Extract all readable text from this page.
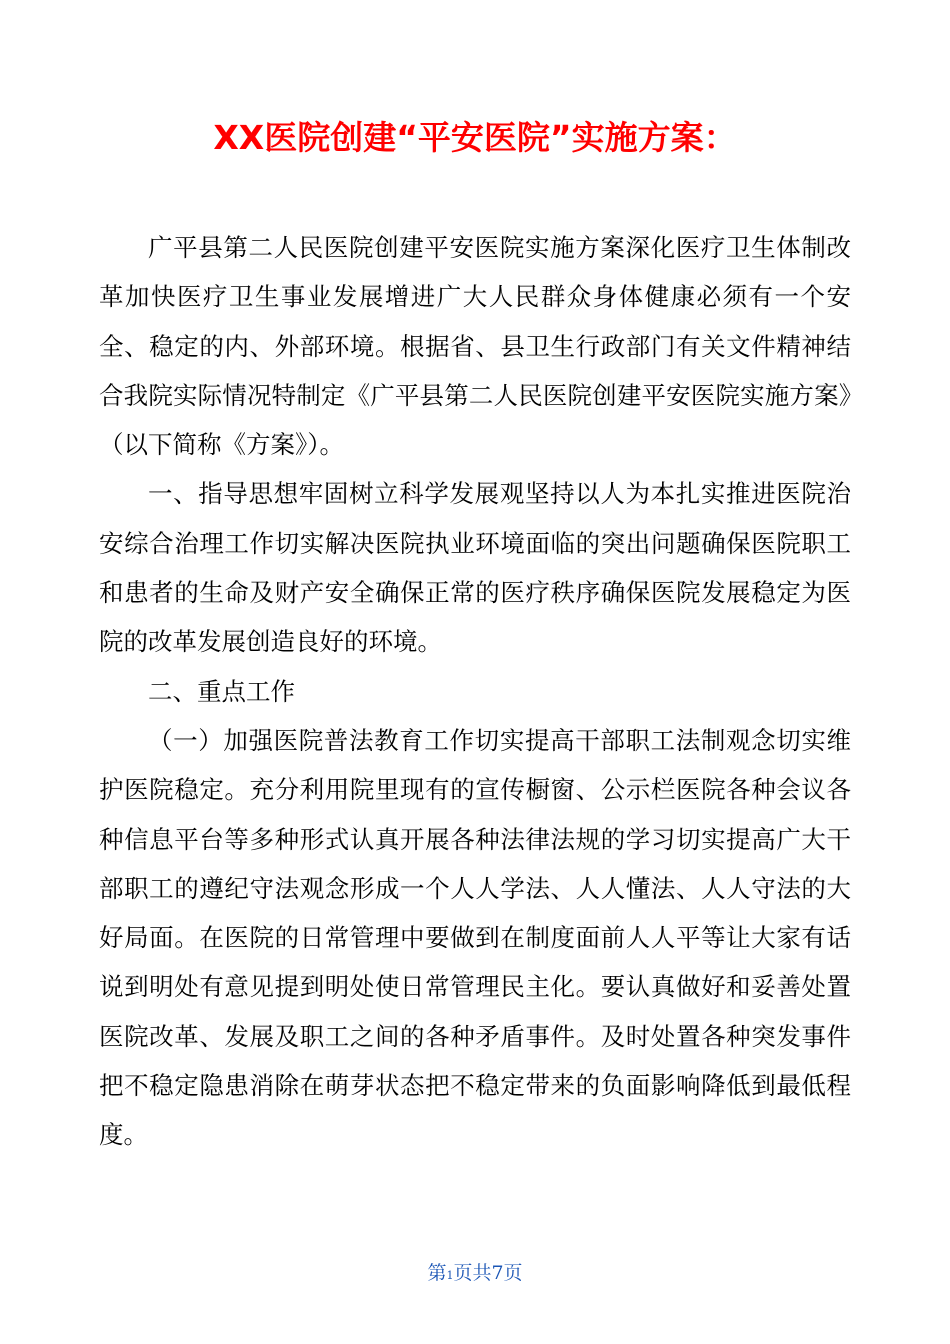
XX医院创建“平安医院”实施方案：

广平县第二人民医院创建平安医院实施方案深化医疗卫生体制改革加快医疗卫生事业发展增进广大人民群众身体健康必须有一个安全、稳定的内、外部环境。根据省、县卫生行政部门有关文件精神结合我院实际情况特制定《广平县第二人民医院创建平安医院实施方案》（以下简称《方案》）。

一、指导思想牢固树立科学发展观坚持以人为本扎实推进医院治安综合治理工作切实解决医院执业环境面临的突出问题确保医院职工和患者的生命及财产安全确保正常的医疗秩序确保医院发展稳定为医院的改革发展创造良好的环境。

二、重点工作

（一）加强医院普法教育工作切实提高干部职工法制观念切实维护医院稳定。充分利用院里现有的宣传橱窗、公示栏医院各种会议各种信息平台等多种形式认真开展各种法律法规的学习切实提高广大干部职工的遵纪守法观念形成一个人人学法、人人懂法、人人守法的大好局面。在医院的日常管理中要做到在制度面前人人平等让大家有话说到明处有意见提到明处使日常管理民主化。要认真做好和妥善处置医院改革、发展及职工之间的各种矛盾事件。及时处置各种突发事件把不稳定隐患消除在萌芽状态把不稳定带来的负面影响降低到最低程度。

第1页共7页
